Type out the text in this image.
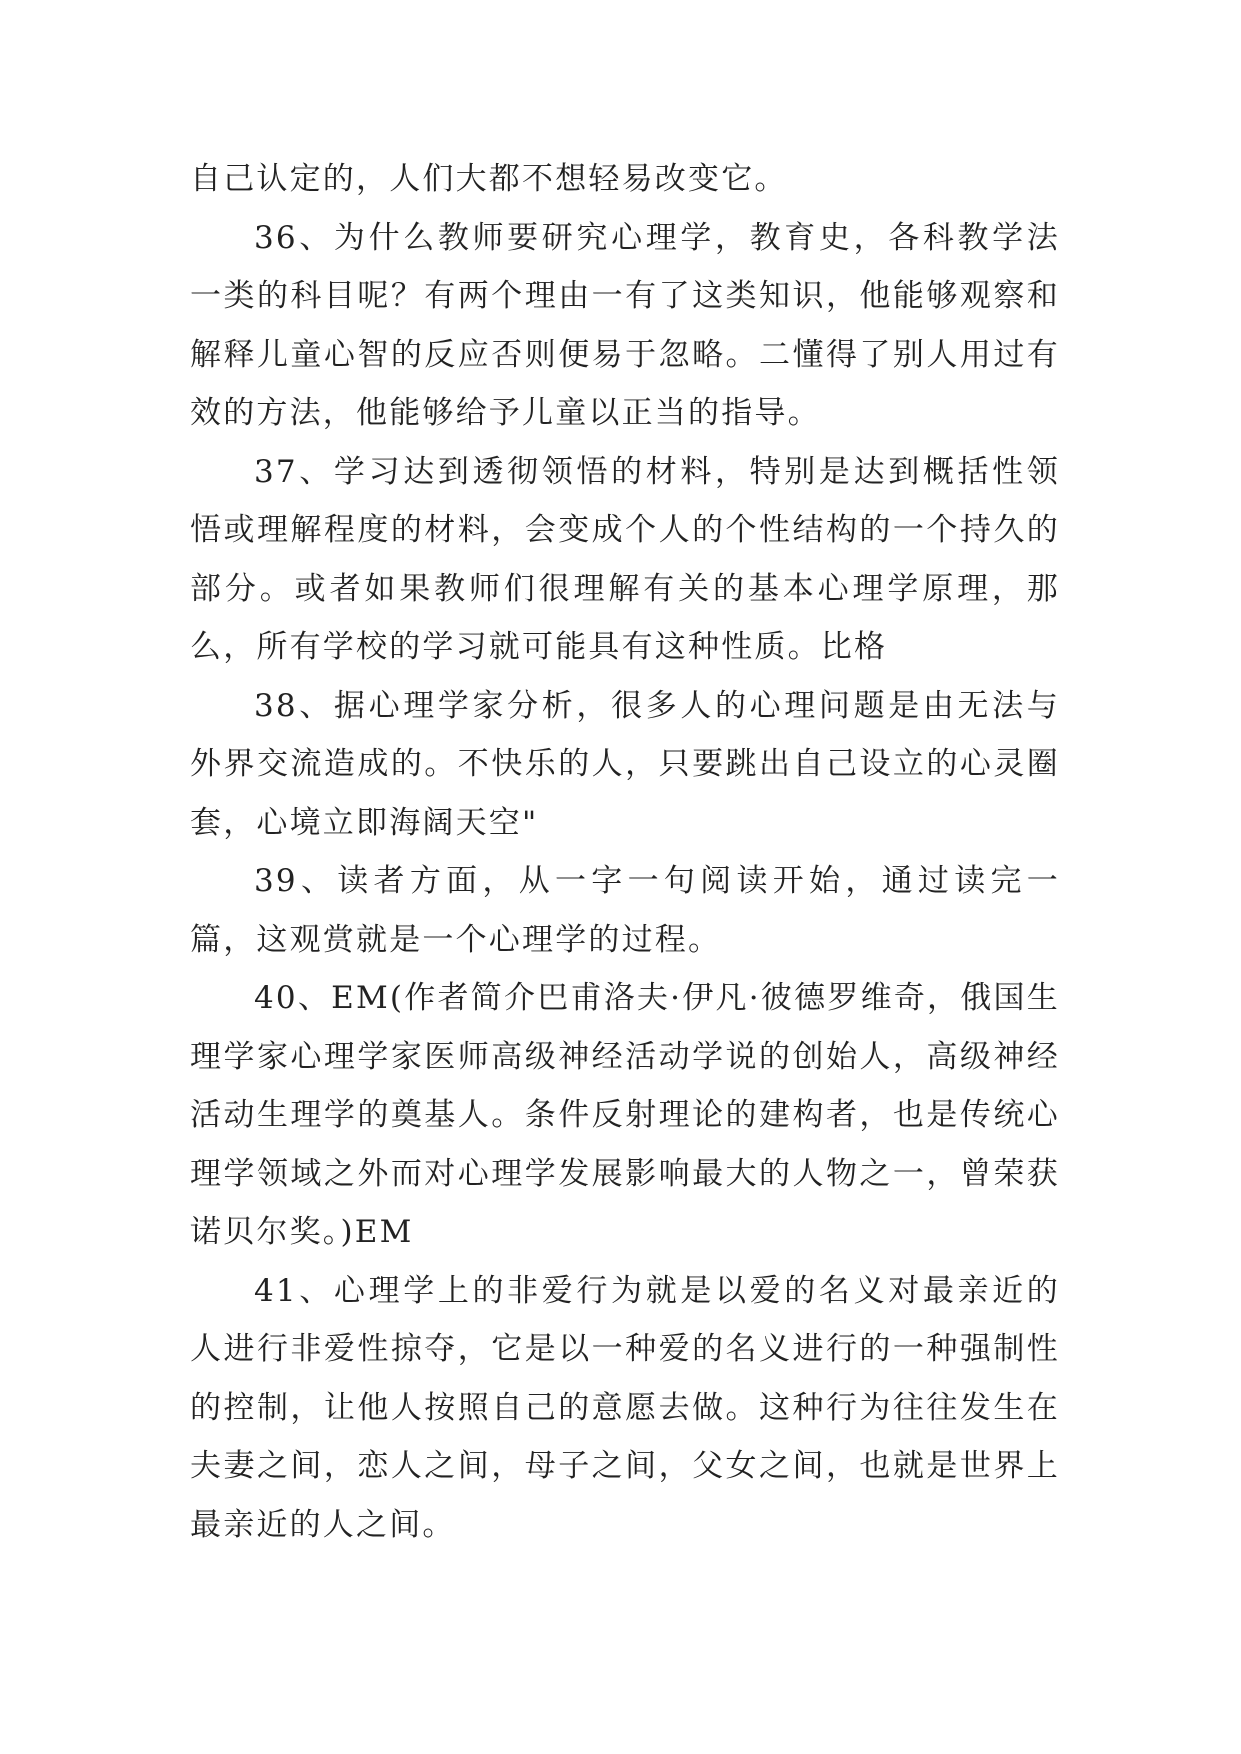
自己认定的，人们大都不想轻易改变它。

36、为什么教师要研究心理学，教育史，各科教学法一类的科目呢？有两个理由一有了这类知识，他能够观察和解释儿童心智的反应否则便易于忽略。二懂得了别人用过有效的方法，他能够给予儿童以正当的指导。

37、学习达到透彻领悟的材料，特别是达到概括性领悟或理解程度的材料，会变成个人的个性结构的一个持久的部分。或者如果教师们很理解有关的基本心理学原理，那么，所有学校的学习就可能具有这种性质。比格

38、据心理学家分析，很多人的心理问题是由无法与外界交流造成的。不快乐的人，只要跳出自己设立的心灵圈套，心境立即海阔天空"

39、读者方面，从一字一句阅读开始，通过读完一篇，这观赏就是一个心理学的过程。

40、EM(作者简介巴甫洛夫·伊凡·彼德罗维奇，俄国生理学家心理学家医师高级神经活动学说的创始人，高级神经活动生理学的奠基人。条件反射理论的建构者，也是传统心理学领域之外而对心理学发展影响最大的人物之一，曾荣获诺贝尔奖。)EM

41、心理学上的非爱行为就是以爱的名义对最亲近的人进行非爱性掠夺，它是以一种爱的名义进行的一种强制性的控制，让他人按照自己的意愿去做。这种行为往往发生在夫妻之间，恋人之间，母子之间，父女之间，也就是世界上最亲近的人之间。
